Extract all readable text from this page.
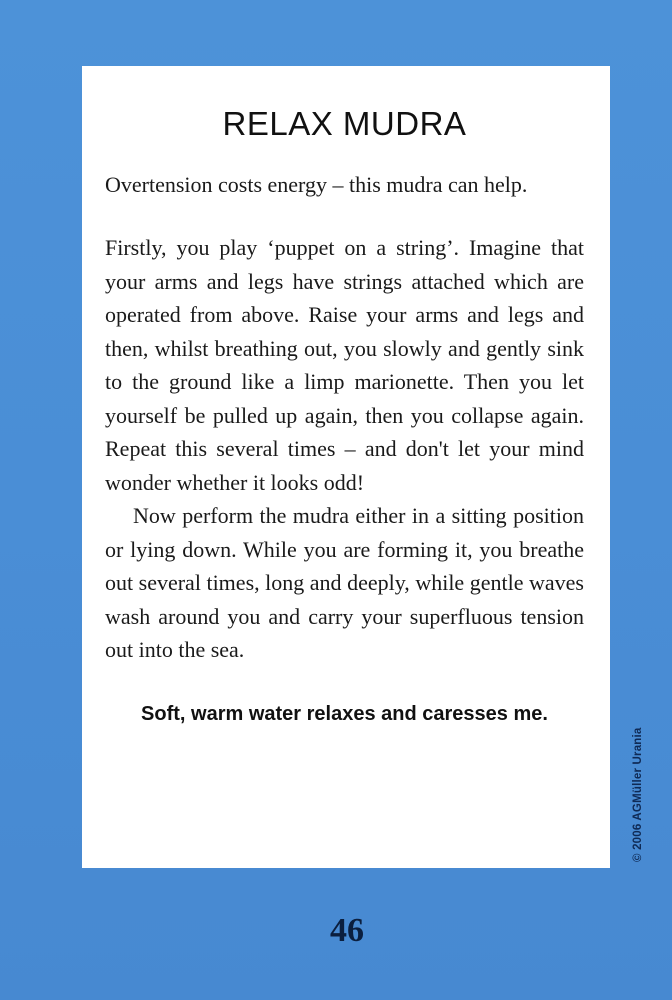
RELAX MUDRA

Overtension costs energy – this mudra can help.

Firstly, you play ‘puppet on a string’. Imagine that your arms and legs have strings attached which are operated from above. Raise your arms and legs and then, whilst breathing out, you slowly and gently sink to the ground like a limp marionette. Then you let yourself be pulled up again, then you collapse again. Repeat this several times – and don't let your mind wonder whether it looks odd!

Now perform the mudra either in a sitting position or lying down. While you are forming it, you breathe out several times, long and deeply, while gentle waves wash around you and carry your superfluous tension out into the sea.

Soft, warm water relaxes and caresses me.

© 2006 AGMüller Urania
46
